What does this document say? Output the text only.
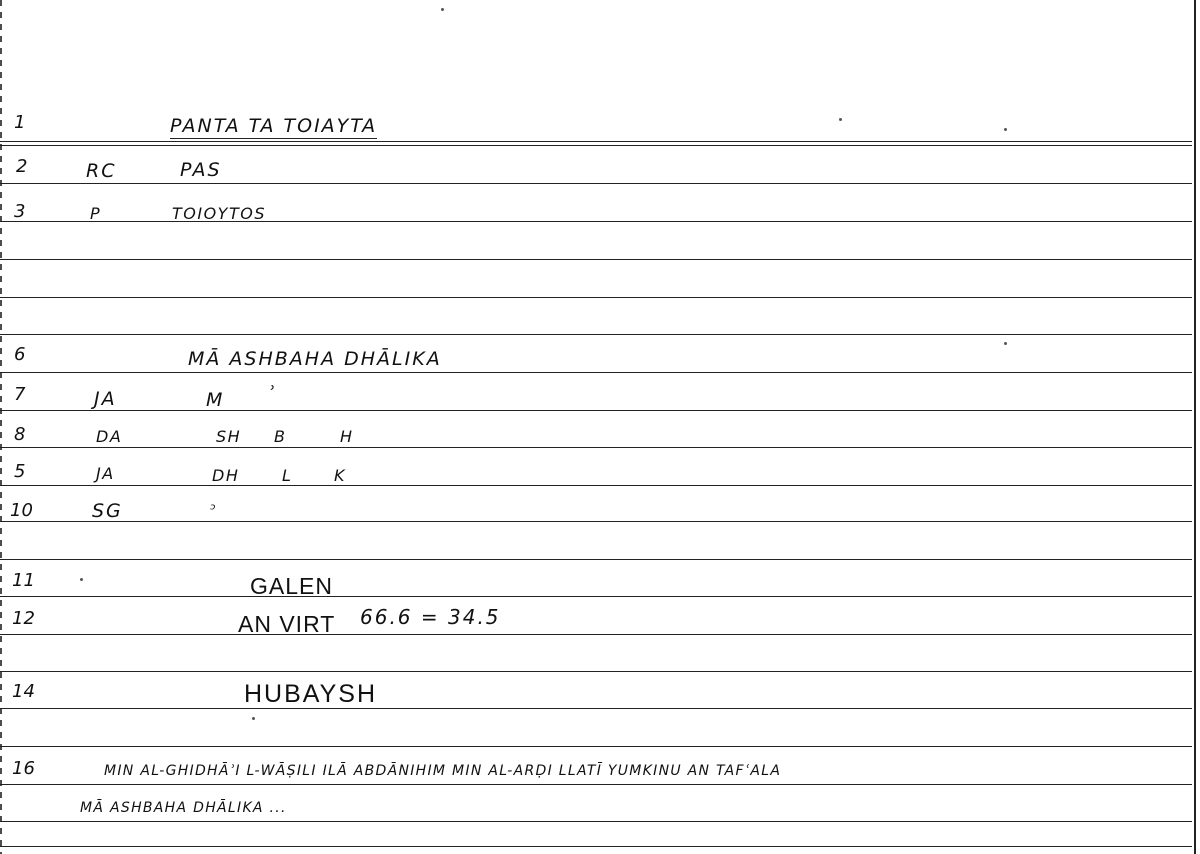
1	PANTA TA TOIAYTA
2	RC	PAS
3	P	TOIOYTOS
6	MĀ ASHBAHA DHĀLIKA
7	JA	M ʾ
8	DA	SH B	H
5	JA	DH	L	K
10	SG	ᵓ
11	GALEN
12	AN VIRT 66.6 = 34.5
14	HUBAYSH
16	MIN AL-GHIDHĀʾI L-WĀṢILI ILĀ ABDĀNIHIM MIN AL-ARḌI LLATĪ YUMKINU AN TAFʿALA
MĀ ASHBAHA DHĀLIKA ...
